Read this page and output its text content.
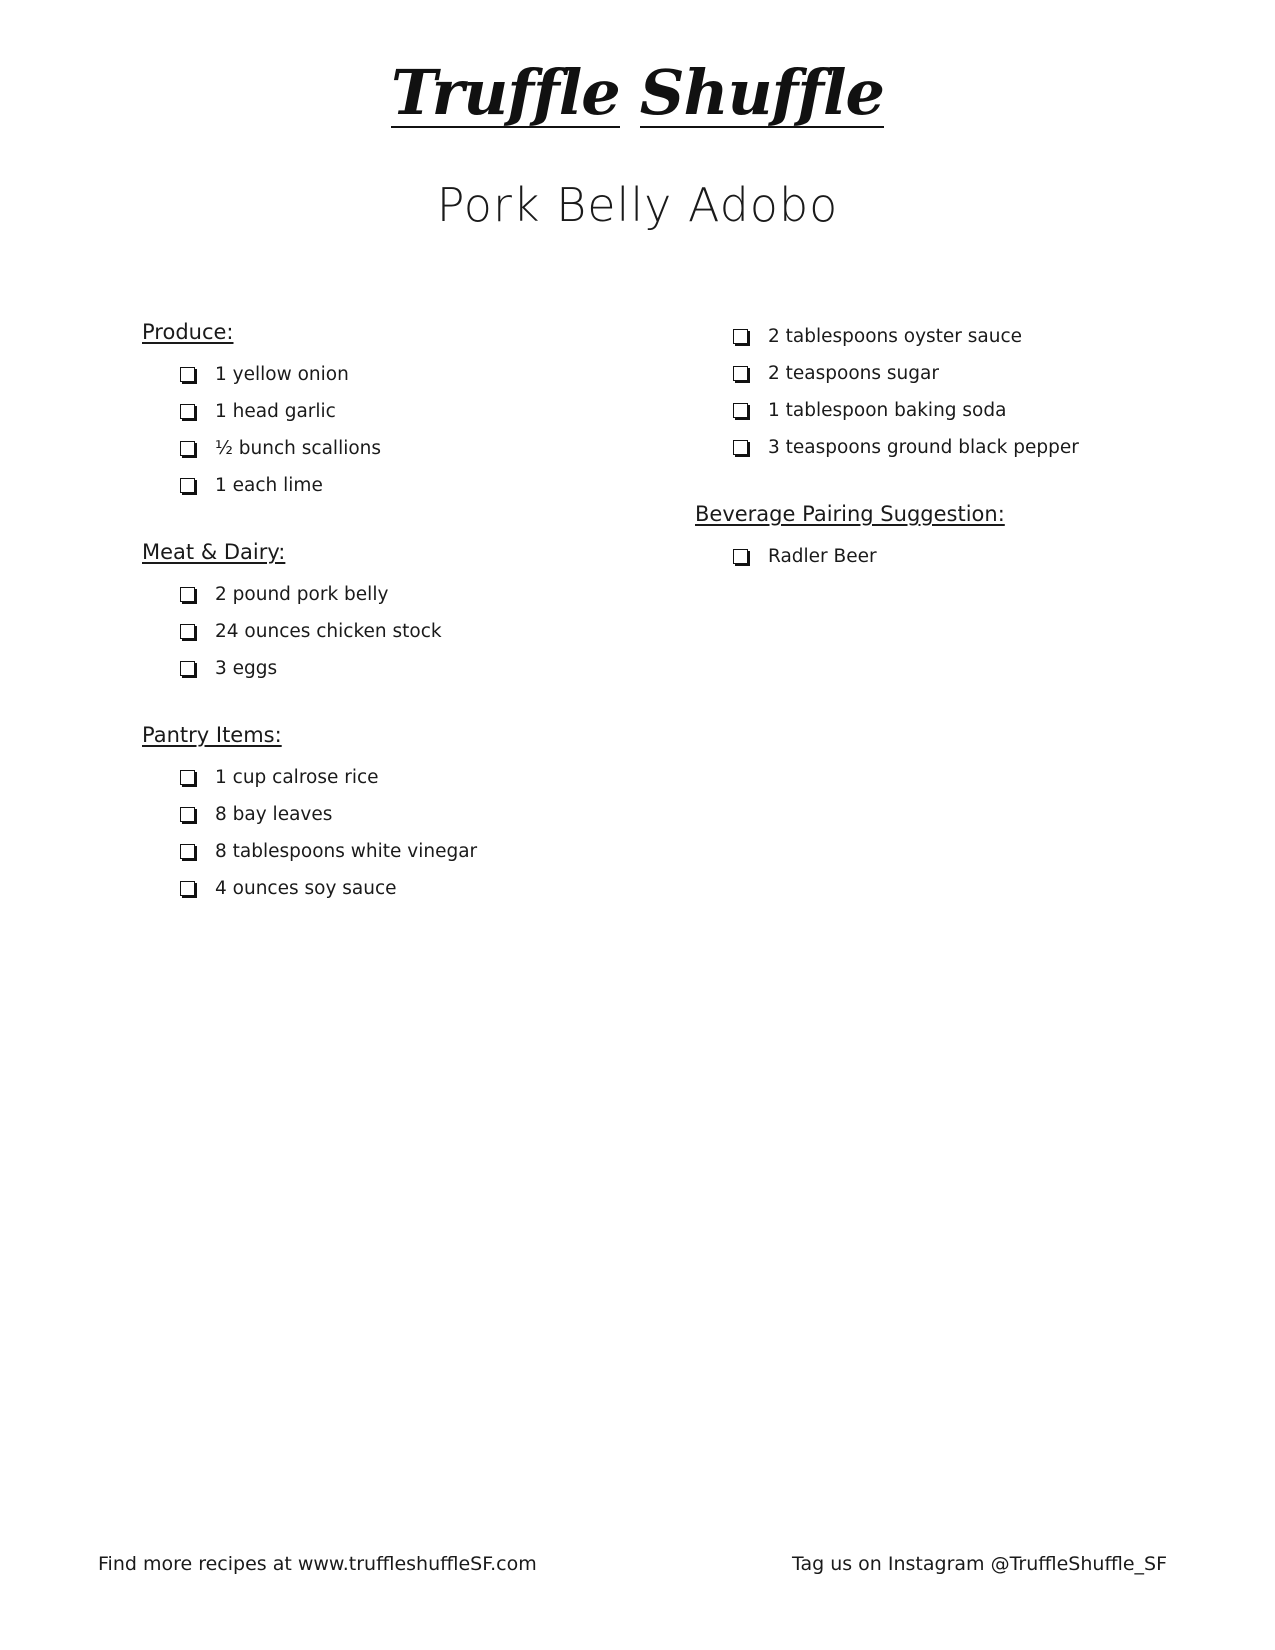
Truffle Shuffle
Pork Belly Adobo
Produce:
1 yellow onion
1 head garlic
½ bunch scallions
1 each lime
Meat & Dairy:
2 pound pork belly
24 ounces chicken stock
3 eggs
Pantry Items:
1 cup calrose rice
8 bay leaves
8 tablespoons white vinegar
4 ounces soy sauce
2 tablespoons oyster sauce
2 teaspoons sugar
1 tablespoon baking soda
3 teaspoons ground black pepper
Beverage Pairing Suggestion:
Radler Beer
Find more recipes at www.truffleshuffleSF.com	Tag us on Instagram @TruffleShuffle_SF
